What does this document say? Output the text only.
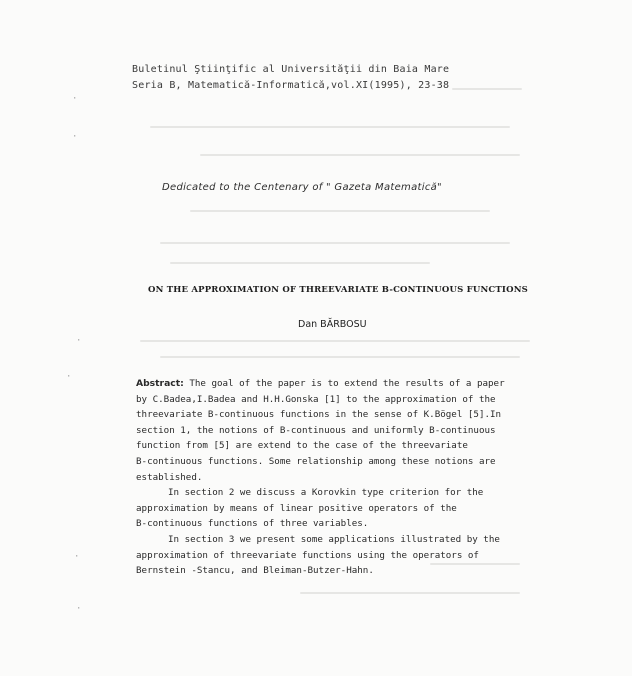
·
·
·
·
·
·
Buletinul Ştiinţific al Universităţii din Baia Mare
Seria B, Matematică-Informatică,vol.XI(1995), 23-38
Dedicated to the Centenary of " Gazeta Matematică"
ON THE APPROXIMATION OF THREEVARIATE B-CONTINUOUS FUNCTIONS
Dan BĂRBOSU
Abstract: The goal of the paper is to extend the results of a paper
by C.Badea,I.Badea and H.H.Gonska [1] to the approximation of the
threevariate B-continuous functions in the sense of K.Bögel [5].In
section 1, the notions of B-continuous and uniformly B-continuous
function from [5] are extend to the case of the threevariate
B-continuous functions. Some relationship among these notions are
established.
In section 2 we discuss a Korovkin type criterion for the
approximation by means of linear positive operators of the
B-continuous functions of three variables.
In section 3 we present some applications illustrated by the
approximation of threevariate functions using the operators of
Bernstein -Stancu, and Bleiman-Butzer-Hahn.
